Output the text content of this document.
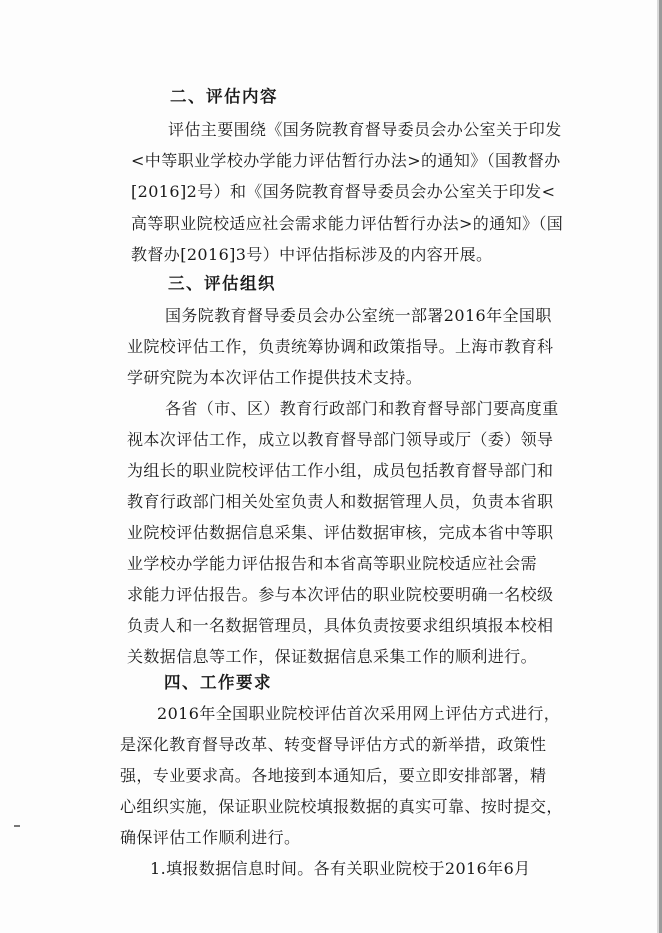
二、评估内容
评估主要围绕《国务院教育督导委员会办公室关于印发
<中等职业学校办学能力评估暂行办法>的通知》（国教督办
[2016]2号）和《国务院教育督导委员会办公室关于印发<
高等职业院校适应社会需求能力评估暂行办法>的通知》（国
教督办[2016]3号）中评估指标涉及的内容开展。
三、评估组织
国务院教育督导委员会办公室统一部署2016年全国职
业院校评估工作，负责统筹协调和政策指导。上海市教育科
学研究院为本次评估工作提供技术支持。
各省（市、区）教育行政部门和教育督导部门要高度重
视本次评估工作，成立以教育督导部门领导或厅（委）领导
为组长的职业院校评估工作小组，成员包括教育督导部门和
教育行政部门相关处室负责人和数据管理人员，负责本省职
业院校评估数据信息采集、评估数据审核，完成本省中等职
业学校办学能力评估报告和本省高等职业院校适应社会需
求能力评估报告。参与本次评估的职业院校要明确一名校级
负责人和一名数据管理员，具体负责按要求组织填报本校相
关数据信息等工作，保证数据信息采集工作的顺利进行。
四、工作要求
2016年全国职业院校评估首次采用网上评估方式进行，
是深化教育督导改革、转变督导评估方式的新举措，政策性
强，专业要求高。各地接到本通知后，要立即安排部署，精
心组织实施，保证职业院校填报数据的真实可靠、按时提交，
确保评估工作顺利进行。
1.填报数据信息时间。各有关职业院校于2016年6月
